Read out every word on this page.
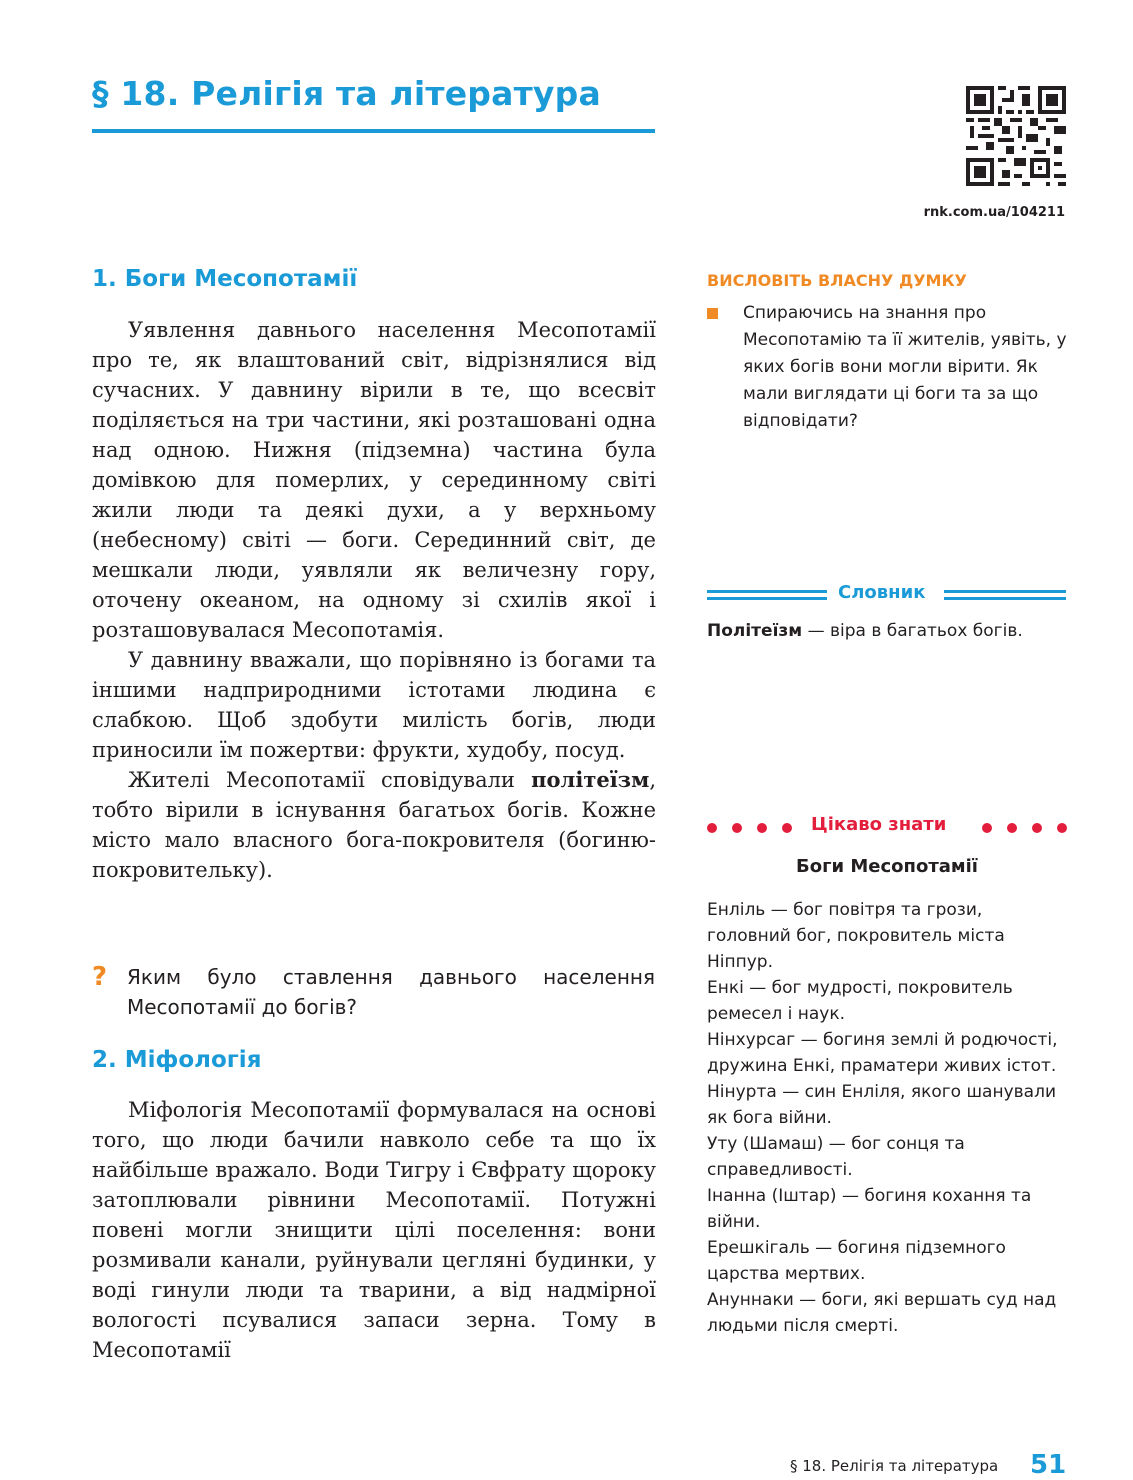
§ 18. Релігія та література
rnk.com.ua/104211
1. Боги Месопотамії

Уявлення давнього населення Месопотамії про те, як влаштований світ, відрізнялися від сучасних. У давнину вірили в те, що всесвіт поділяється на три частини, які розташовані одна над одною. Нижня (підземна) частина була домівкою для померлих, у серединному світі жили люди та деякі духи, а у верхньому (небесному) світі — боги. Серединний світ, де мешкали люди, уявляли як величезну гору, оточену океаном, на одному зі схилів якої і розташовувалася Месопотамія.

У давнину вважали, що порівняно із богами та іншими надприродними істотами людина є слабкою. Щоб здобути милість богів, люди приносили їм пожертви: фрукти, худобу, посуд.

Жителі Месопотамії сповідували політеїзм, тобто вірили в існування багатьох богів. Кожне місто мало власного бога-покровителя (богиню-покровительку).

? Яким було ставлення давнього населення Месопотамії до богів?
2. Міфологія

Міфологія Месопотамії формувалася на основі того, що люди бачили навколо себе та що їх найбільше вражало. Води Тигру і Євфрату щороку затоплювали рівнини Месопотамії. Потужні повені могли знищити цілі поселення: вони розмивали канали, руйнували цегляні будинки, у воді гинули люди та тварини, а від надмірної вологості псувалися запаси зерна. Тому в Месопотамії

ВИСЛОВІТЬ ВЛАСНУ ДУМКУ
Спираючись на знання про Месопотамію та її жителів, уявіть, у яких богів вони могли вірити. Як мали виглядати ці боги та за що відповідати?
Словник
Політеїзм — віра в багатьох богів.
Цікаво знати
Боги Месопотамії
Енліль — бог повітря та грози, головний бог, покровитель міста Ніппур.
Енкі — бог мудрості, покровитель ремесел і наук.
Нінхурсаг — богиня землі й родючості, дружина Енкі, праматери живих істот.
Нінурта — син Енліля, якого шанували як бога війни.
Уту (Шамаш) — бог сонця та справедливості.
Інанна (Іштар) — богиня кохання та війни.
Ерешкігаль — богиня підземного царства мертвих.
Ануннаки — боги, які вершать суд над людьми після смерті.
§ 18. Релігія та література 51
